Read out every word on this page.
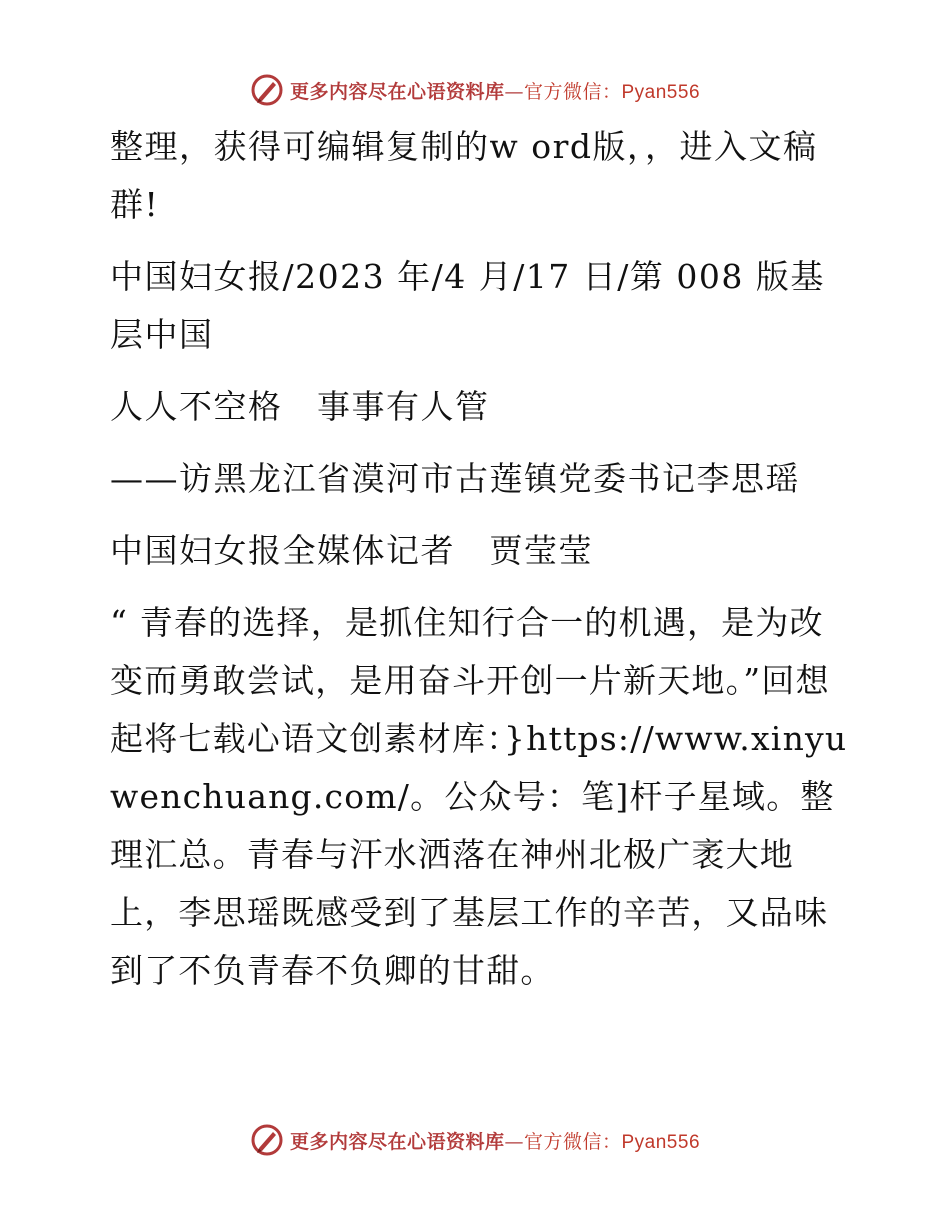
更多内容尽在心语资料库—官方微信：Pyan556

整理，获得可编辑复制的w ord版，，进入文稿群!

中国妇女报/2023 年/4 月/17 日/第 008 版基层中国

人人不空格　事事有人管

——访黑龙江省漠河市古莲镇党委书记李思瑶

中国妇女报全媒体记者　贾莹莹

“ 青春的选择，是抓住知行合一的机遇，是为改变而勇敢尝试，是用奋斗开创一片新天地。”回想起将七载心语文创素材库：}https://www.xinyuwenchuang.com/。公众号：笔]杆子星域。整理汇总。青春与汗水洒落在神州北极广袤大地上，李思瑶既感受到了基层工作的辛苦，又品味到了不负青春不负卿的甘甜。

更多内容尽在心语资料库—官方微信：Pyan556
